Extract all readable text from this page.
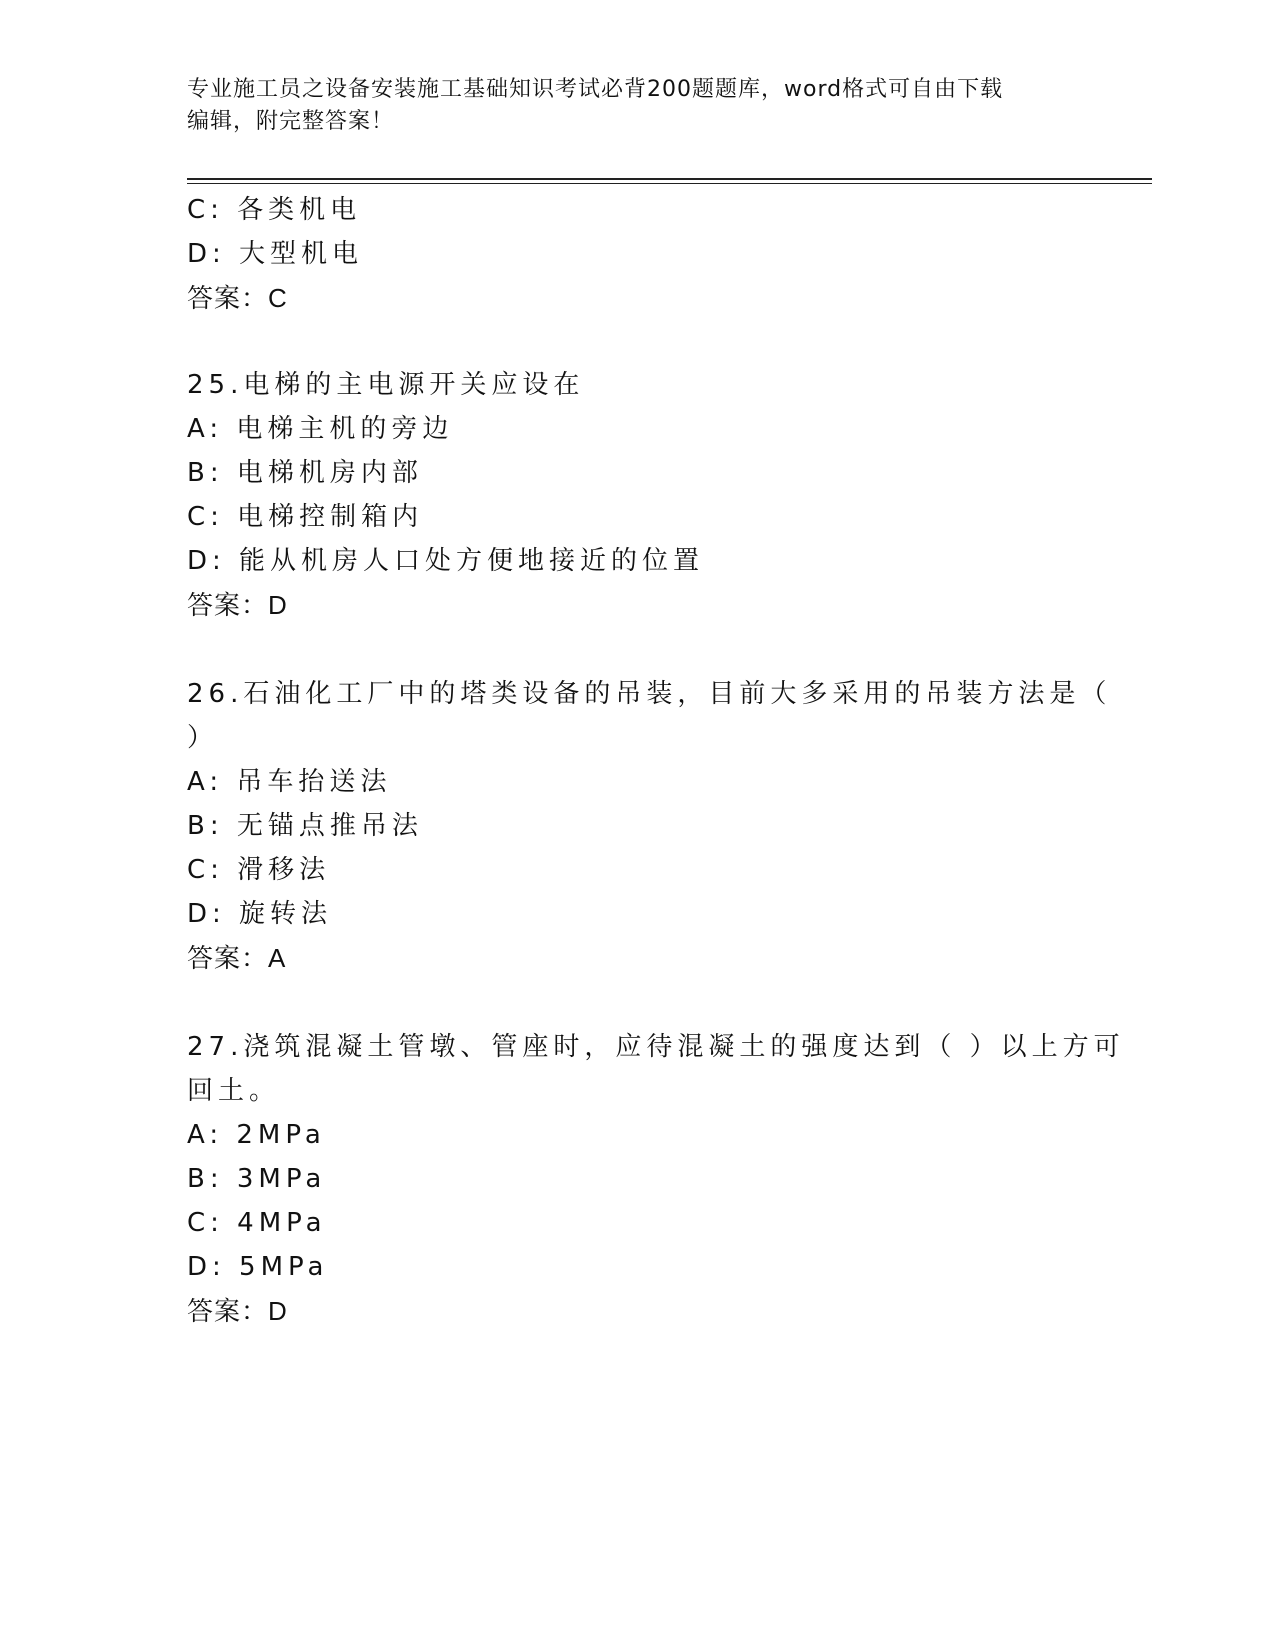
专业施工员之设备安装施工基础知识考试必背200题题库，word格式可自由下载
编辑，附完整答案！
C: 各类机电
D: 大型机电
答案：C
25.电梯的主电源开关应设在
A: 电梯主机的旁边
B: 电梯机房内部
C: 电梯控制箱内
D: 能从机房人口处方便地接近的位置
答案：D
26.石油化工厂中的塔类设备的吊装，目前大多采用的吊装方法是（
）
A: 吊车抬送法
B: 无锚点推吊法
C: 滑移法
D: 旋转法
答案：A
27.浇筑混凝土管墩、管座时，应待混凝土的强度达到（ ）以上方可
回土。
A: 2MPa
B: 3MPa
C: 4MPa
D: 5MPa
答案：D
